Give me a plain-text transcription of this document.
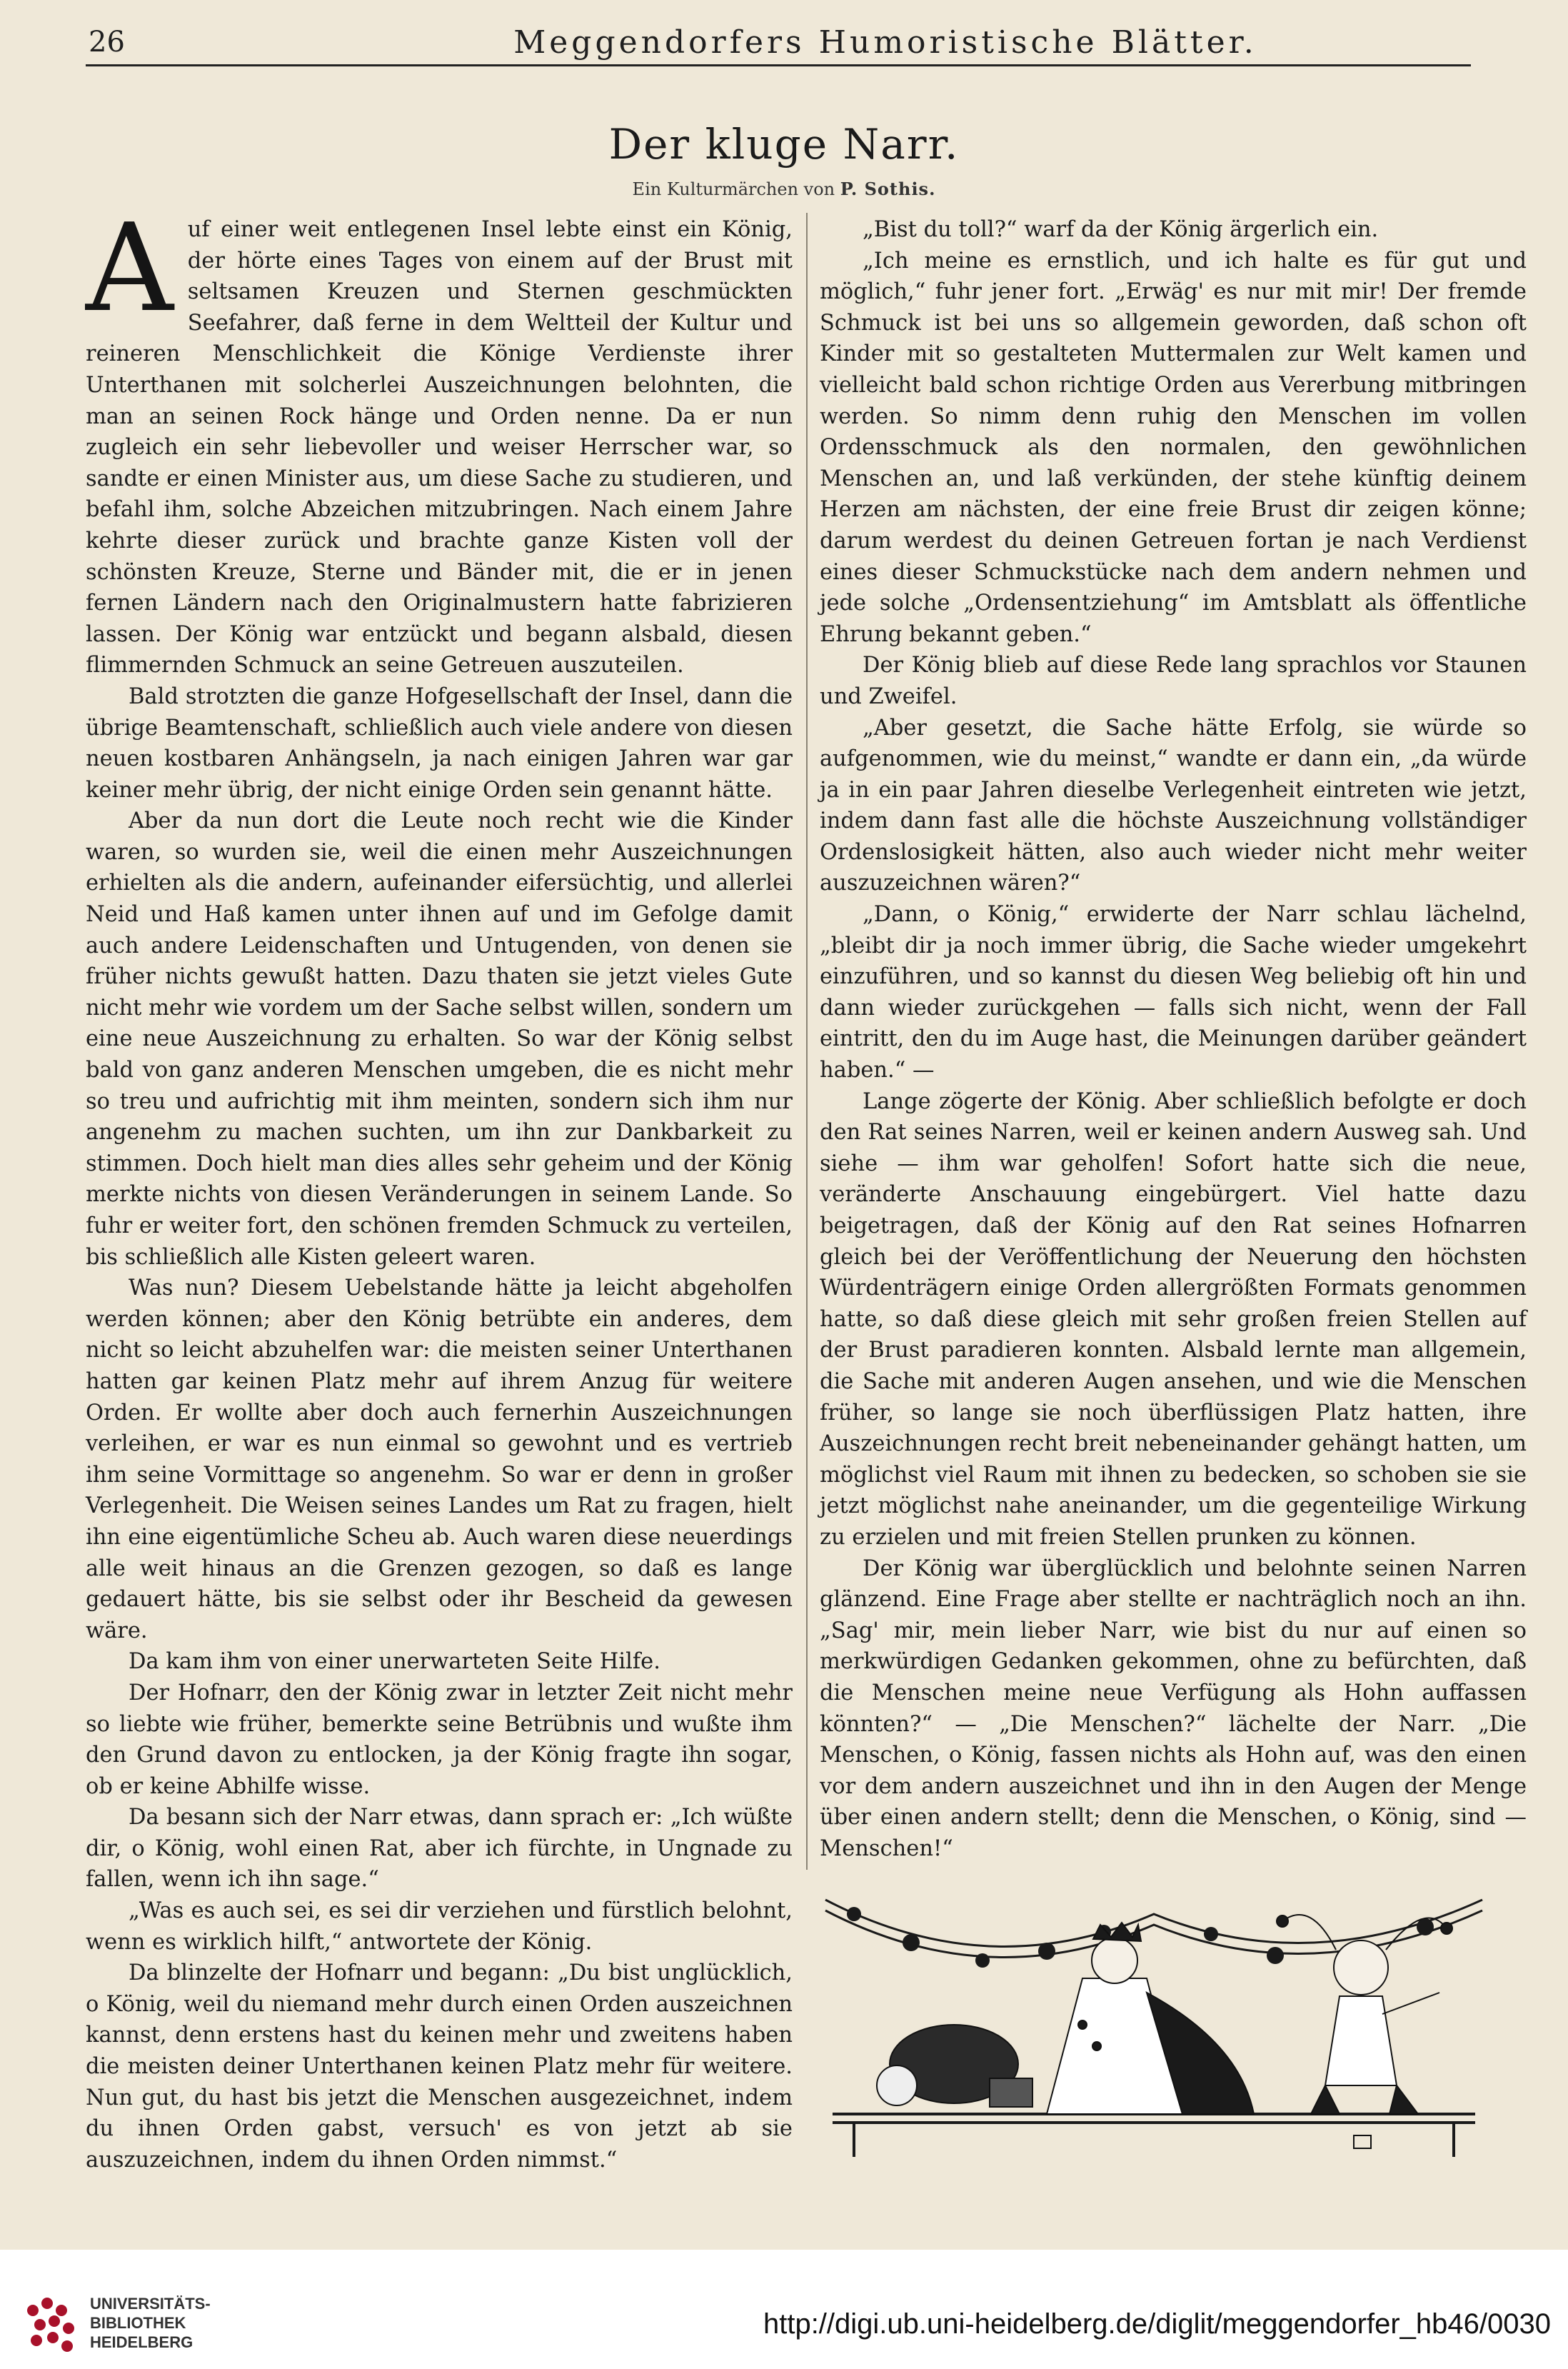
26	Meggendorfers Humoristische Blätter.
Der kluge Narr.
Ein Kulturmärchen von P. Sothis.

Auf einer weit entlegenen Insel lebte einst ein König, der hörte eines Tages von einem auf der Brust mit seltsamen Kreuzen und Sternen geschmückten Seefahrer, daß ferne in dem Weltteil der Kultur und reineren Menschlichkeit die Könige Verdienste ihrer Unterthanen mit solcherlei Auszeichnungen belohnten, die man an seinen Rock hänge und Orden nenne. Da er nun zugleich ein sehr liebevoller und weiser Herrscher war, so sandte er einen Minister aus, um diese Sache zu studieren, und befahl ihm, solche Abzeichen mitzubringen. Nach einem Jahre kehrte dieser zurück und brachte ganze Kisten voll der schönsten Kreuze, Sterne und Bänder mit, die er in jenen fernen Ländern nach den Originalmustern hatte fabrizieren lassen. Der König war entzückt und begann alsbald, diesen flimmernden Schmuck an seine Getreuen auszuteilen.

Bald strotzten die ganze Hofgesellschaft der Insel, dann die übrige Beamtenschaft, schließlich auch viele andere von diesen neuen kostbaren Anhängseln, ja nach einigen Jahren war gar keiner mehr übrig, der nicht einige Orden sein genannt hätte.

Aber da nun dort die Leute noch recht wie die Kinder waren, so wurden sie, weil die einen mehr Auszeichnungen erhielten als die andern, aufeinander eifersüchtig, und allerlei Neid und Haß kamen unter ihnen auf und im Gefolge damit auch andere Leidenschaften und Untugenden, von denen sie früher nichts gewußt hatten. Dazu thaten sie jetzt vieles Gute nicht mehr wie vordem um der Sache selbst willen, sondern um eine neue Auszeichnung zu erhalten. So war der König selbst bald von ganz anderen Menschen umgeben, die es nicht mehr so treu und aufrichtig mit ihm meinten, sondern sich ihm nur angenehm zu machen suchten, um ihn zur Dankbarkeit zu stimmen. Doch hielt man dies alles sehr geheim und der König merkte nichts von diesen Veränderungen in seinem Lande. So fuhr er weiter fort, den schönen fremden Schmuck zu verteilen, bis schließlich alle Kisten geleert waren.

Was nun? Diesem Uebelstande hätte ja leicht abgeholfen werden können; aber den König betrübte ein anderes, dem nicht so leicht abzuhelfen war: die meisten seiner Unterthanen hatten gar keinen Platz mehr auf ihrem Anzug für weitere Orden. Er wollte aber doch auch fernerhin Auszeichnungen verleihen, er war es nun einmal so gewohnt und es vertrieb ihm seine Vormittage so angenehm. So war er denn in großer Verlegenheit. Die Weisen seines Landes um Rat zu fragen, hielt ihn eine eigentümliche Scheu ab. Auch waren diese neuerdings alle weit hinaus an die Grenzen gezogen, so daß es lange gedauert hätte, bis sie selbst oder ihr Bescheid da gewesen wäre.

Da kam ihm von einer unerwarteten Seite Hilfe.

Der Hofnarr, den der König zwar in letzter Zeit nicht mehr so liebte wie früher, bemerkte seine Betrübnis und wußte ihm den Grund davon zu entlocken, ja der König fragte ihn sogar, ob er keine Abhilfe wisse.

Da besann sich der Narr etwas, dann sprach er: „Ich wüßte dir, o König, wohl einen Rat, aber ich fürchte, in Ungnade zu fallen, wenn ich ihn sage.“

„Was es auch sei, es sei dir verziehen und fürstlich belohnt, wenn es wirklich hilft,“ antwortete der König.

Da blinzelte der Hofnarr und begann: „Du bist unglücklich, o König, weil du niemand mehr durch einen Orden auszeichnen kannst, denn erstens hast du keinen mehr und zweitens haben die meisten deiner Unterthanen keinen Platz mehr für weitere. Nun gut, du hast bis jetzt die Menschen ausgezeichnet, indem du ihnen Orden gabst, versuch' es von jetzt ab sie auszuzeichnen, indem du ihnen Orden nimmst.“

„Bist du toll?“ warf da der König ärgerlich ein.

„Ich meine es ernstlich, und ich halte es für gut und möglich,“ fuhr jener fort. „Erwäg' es nur mit mir! Der fremde Schmuck ist bei uns so allgemein geworden, daß schon oft Kinder mit so gestalteten Muttermalen zur Welt kamen und vielleicht bald schon richtige Orden aus Vererbung mitbringen werden. So nimm denn ruhig den Menschen im vollen Ordensschmuck als den normalen, den gewöhnlichen Menschen an, und laß verkünden, der stehe künftig deinem Herzen am nächsten, der eine freie Brust dir zeigen könne; darum werdest du deinen Getreuen fortan je nach Verdienst eines dieser Schmuckstücke nach dem andern nehmen und jede solche „Ordensentziehung“ im Amtsblatt als öffentliche Ehrung bekannt geben.“

Der König blieb auf diese Rede lang sprachlos vor Staunen und Zweifel.

„Aber gesetzt, die Sache hätte Erfolg, sie würde so aufgenommen, wie du meinst,“ wandte er dann ein, „da würde ja in ein paar Jahren dieselbe Verlegenheit eintreten wie jetzt, indem dann fast alle die höchste Auszeichnung vollständiger Ordenslosigkeit hätten, also auch wieder nicht mehr weiter auszuzeichnen wären?“

„Dann, o König,“ erwiderte der Narr schlau lächelnd, „bleibt dir ja noch immer übrig, die Sache wieder umgekehrt einzuführen, und so kannst du diesen Weg beliebig oft hin und dann wieder zurückgehen — falls sich nicht, wenn der Fall eintritt, den du im Auge hast, die Meinungen darüber geändert haben.“ —

Lange zögerte der König. Aber schließlich befolgte er doch den Rat seines Narren, weil er keinen andern Ausweg sah. Und siehe — ihm war geholfen! Sofort hatte sich die neue, veränderte Anschauung eingebürgert. Viel hatte dazu beigetragen, daß der König auf den Rat seines Hofnarren gleich bei der Veröffentlichung der Neuerung den höchsten Würdenträgern einige Orden allergrößten Formats genommen hatte, so daß diese gleich mit sehr großen freien Stellen auf der Brust paradieren konnten. Alsbald lernte man allgemein, die Sache mit anderen Augen ansehen, und wie die Menschen früher, so lange sie noch überflüssigen Platz hatten, ihre Auszeichnungen recht breit nebeneinander gehängt hatten, um möglichst viel Raum mit ihnen zu bedecken, so schoben sie sie jetzt möglichst nahe aneinander, um die gegenteilige Wirkung zu erzielen und mit freien Stellen prunken zu können.

Der König war überglücklich und belohnte seinen Narren glänzend. Eine Frage aber stellte er nachträglich noch an ihn. „Sag' mir, mein lieber Narr, wie bist du nur auf einen so merkwürdigen Gedanken gekommen, ohne zu befürchten, daß die Menschen meine neue Verfügung als Hohn auffassen könnten?“ — „Die Menschen?“ lächelte der Narr. „Die Menschen, o König, fassen nichts als Hohn auf, was den einen vor dem andern auszeichnet und ihn in den Augen der Menge über einen andern stellt; denn die Menschen, o König, sind — Menschen!“

UNIVERSITÄTS-
BIBLIOTHEK
HEIDELBERG
http://digi.ub.uni-heidelberg.de/diglit/meggendorfer_hb46/0030
